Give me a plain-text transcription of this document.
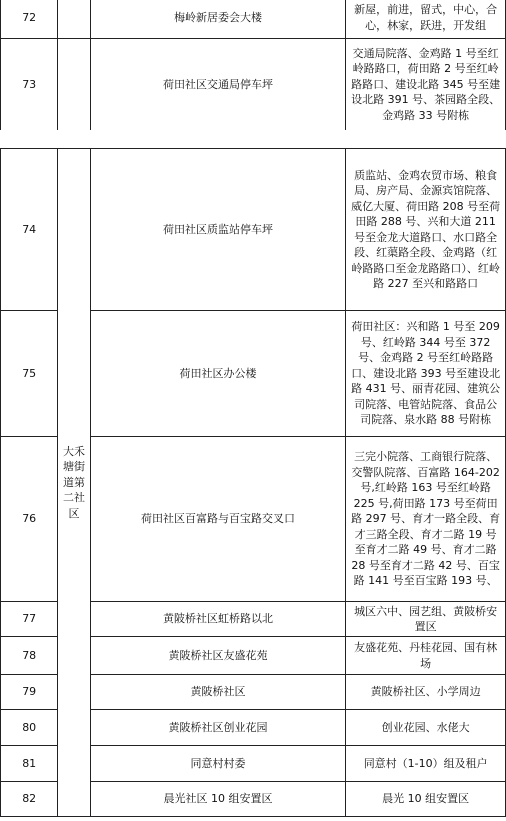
72		梅岭新居委会大楼	新屋，前进，留式，中心，合心，林家，跃进，开发组
73		荷田社区交通局停车坪	交通局院落、金鸡路 1 号至红岭路路口，荷田路 2 号至红岭路路口、建设北路 345 号至建设北路 391 号、茶园路全段、金鸡路 33 号附栋
74	大禾塘街道第二社区	荷田社区质监站停车坪	质监站、金鸡农贸市场、粮食局、房产局、金源宾馆院落、威亿大厦、荷田路 208 号至荷田路 288 号、兴和大道 211 号至金龙大道路口、水口路全段、红蕖路全段、金鸡路（红岭路路口至金龙路路口）、红岭路 227 至兴和路路口
75		荷田社区办公楼	荷田社区：兴和路 1 号至 209 号、红岭路 344 号至 372 号、金鸡路 2 号至红岭路路口、建设北路 393 号至建设北路 431 号、丽青花园、建筑公司院落、电管站院落、食品公司院落、泉水路 88 号附栋
76		荷田社区百富路与百宝路交叉口	三完小院落、工商银行院落、交警队院落、百富路 164-202 号,红岭路 163 号至红岭路 225 号,荷田路 173 号至荷田路 297 号、育才一路全段、育才三路全段、育才二路 19 号至育才二路 49 号、育才二路 28 号至育才二路 42 号、百宝路 141 号至百宝路 193 号、
77		黄陂桥社区虹桥路以北	城区六中、园艺组、黄陂桥安置区
78		黄陂桥社区友盛花苑	友盛花苑、丹桂花园、国有林场
79		黄陂桥社区	黄陂桥社区、小学周边
80		黄陂桥社区创业花园	创业花园、水佬大
81		同意村村委	同意村（1-10）组及租户
82		晨光社区 10 组安置区	晨光 10 组安置区
